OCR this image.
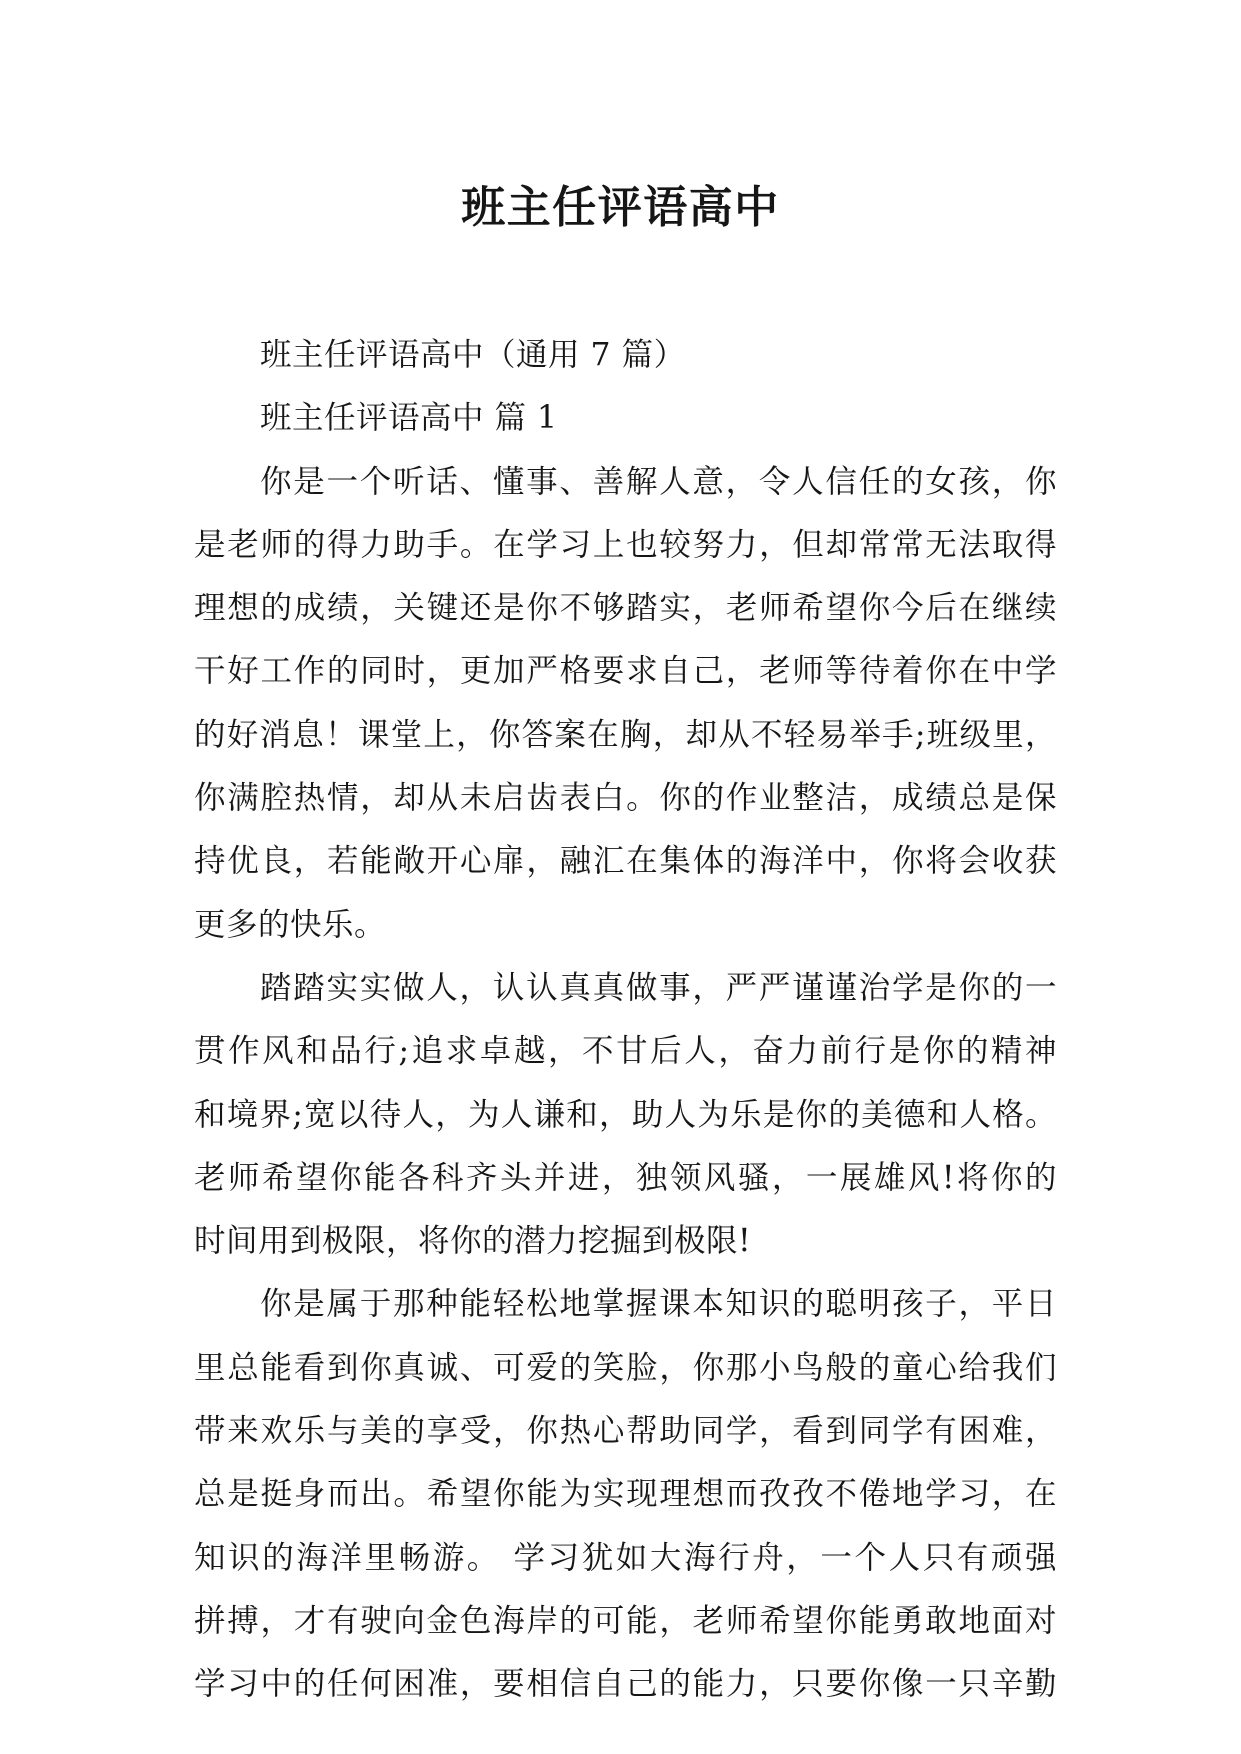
班主任评语高中
班主任评语高中（通用 7 篇）
班主任评语高中 篇 1
你是一个听话、懂事、善解人意，令人信任的女孩，你
是老师的得力助手。在学习上也较努力，但却常常无法取得
理想的成绩，关键还是你不够踏实，老师希望你今后在继续
干好工作的同时，更加严格要求自己，老师等待着你在中学
的好消息！课堂上，你答案在胸，却从不轻易举手;班级里，
你满腔热情，却从未启齿表白。你的作业整洁，成绩总是保
持优良，若能敞开心扉，融汇在集体的海洋中，你将会收获
更多的快乐。
踏踏实实做人，认认真真做事，严严谨谨治学是你的一
贯作风和品行;追求卓越，不甘后人，奋力前行是你的精神
和境界;宽以待人，为人谦和，助人为乐是你的美德和人格。
老师希望你能各科齐头并进，独领风骚，一展雄风!将你的
时间用到极限，将你的潜力挖掘到极限!
你是属于那种能轻松地掌握课本知识的聪明孩子，平日
里总能看到你真诚、可爱的笑脸，你那小鸟般的童心给我们
带来欢乐与美的享受，你热心帮助同学，看到同学有困难，
总是挺身而出。希望你能为实现理想而孜孜不倦地学习，在
知识的海洋里畅游。 学习犹如大海行舟，一个人只有顽强
拼搏，才有驶向金色海岸的可能，老师希望你能勇敢地面对
学习中的任何困准，要相信自己的能力，只要你像一只辛勤
